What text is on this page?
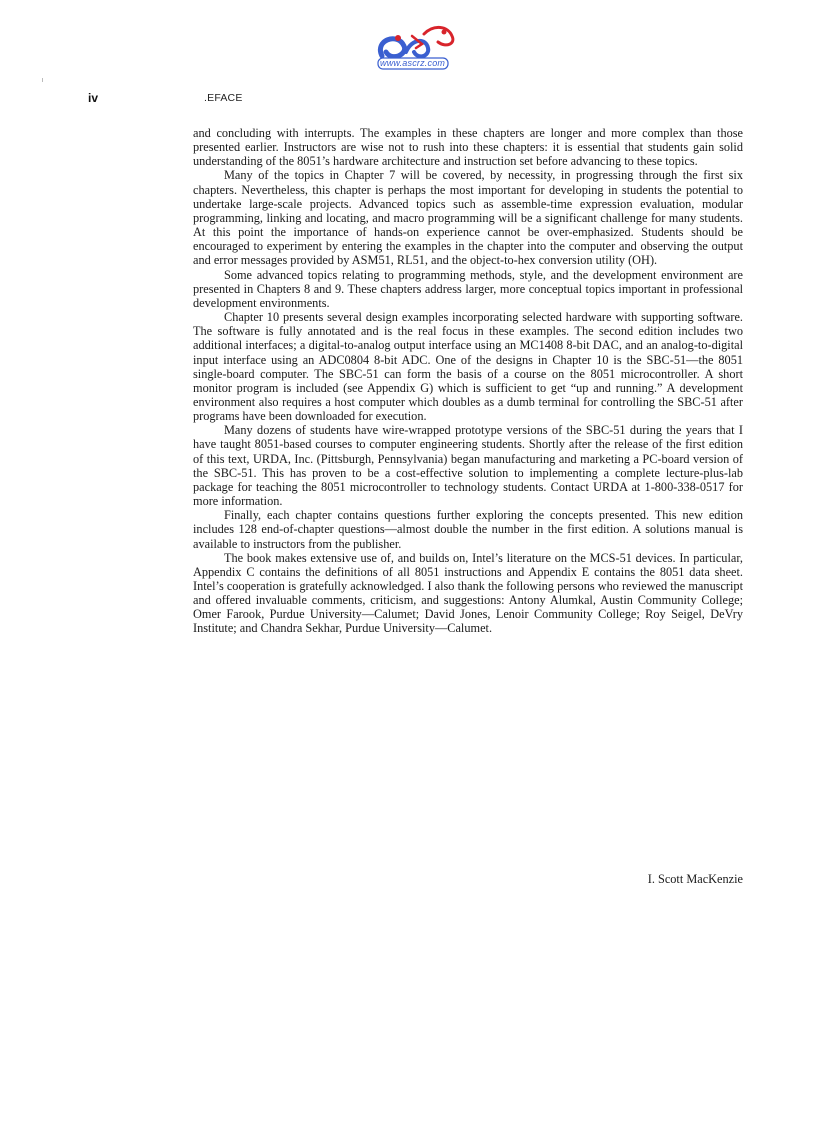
www.ascrz.com
iv	.EFACE

and concluding with interrupts. The examples in these chapters are longer and more complex than those presented earlier. Instructors are wise not to rush into these chapters: it is essential that students gain solid understanding of the 8051’s hardware architecture and instruction set before advancing to these topics.

Many of the topics in Chapter 7 will be covered, by necessity, in progressing through the first six chapters. Nevertheless, this chapter is perhaps the most important for developing in students the potential to undertake large-scale projects. Advanced topics such as assemble-time expression evaluation, modular programming, linking and locating, and macro programming will be a significant challenge for many students. At this point the importance of hands-on experience cannot be over-emphasized. Students should be encouraged to experiment by entering the examples in the chapter into the computer and observing the output and error messages provided by ASM51, RL51, and the object-to-hex conversion utility (OH).

Some advanced topics relating to programming methods, style, and the development environment are presented in Chapters 8 and 9. These chapters address larger, more conceptual topics important in professional development environments.

Chapter 10 presents several design examples incorporating selected hardware with supporting software. The software is fully annotated and is the real focus in these examples. The second edition includes two additional interfaces; a digital-to-analog output interface using an MC1408 8-bit DAC, and an analog-to-digital input interface using an ADC0804 8-bit ADC. One of the designs in Chapter 10 is the SBC-51—the 8051 single-board computer. The SBC-51 can form the basis of a course on the 8051 microcontroller. A short monitor program is included (see Appendix G) which is sufficient to get “up and running.” A development environment also requires a host computer which doubles as a dumb terminal for controlling the SBC-51 after programs have been downloaded for execution.

Many dozens of students have wire-wrapped prototype versions of the SBC-51 during the years that I have taught 8051-based courses to computer engineering students. Shortly after the release of the first edition of this text, URDA, Inc. (Pittsburgh, Pennsylvania) began manufacturing and marketing a PC-board version of the SBC-51. This has proven to be a cost-effective solution to implementing a complete lecture-plus-lab package for teaching the 8051 microcontroller to technology students. Contact URDA at 1-800-338-0517 for more information.

Finally, each chapter contains questions further exploring the concepts presented. This new edition includes 128 end-of-chapter questions—almost double the number in the first edition. A solutions manual is available to instructors from the publisher.

The book makes extensive use of, and builds on, Intel’s literature on the MCS-51 devices. In particular, Appendix C contains the definitions of all 8051 instructions and Appendix E contains the 8051 data sheet. Intel’s cooperation is gratefully acknowledged. I also thank the following persons who reviewed the manuscript and offered invaluable comments, criticism, and suggestions: Antony Alumkal, Austin Community College; Omer Farook, Purdue University—Calumet; David Jones, Lenoir Community College; Roy Seigel, DeVry Institute; and Chandra Sekhar, Purdue University—Calumet.

I. Scott MacKenzie
